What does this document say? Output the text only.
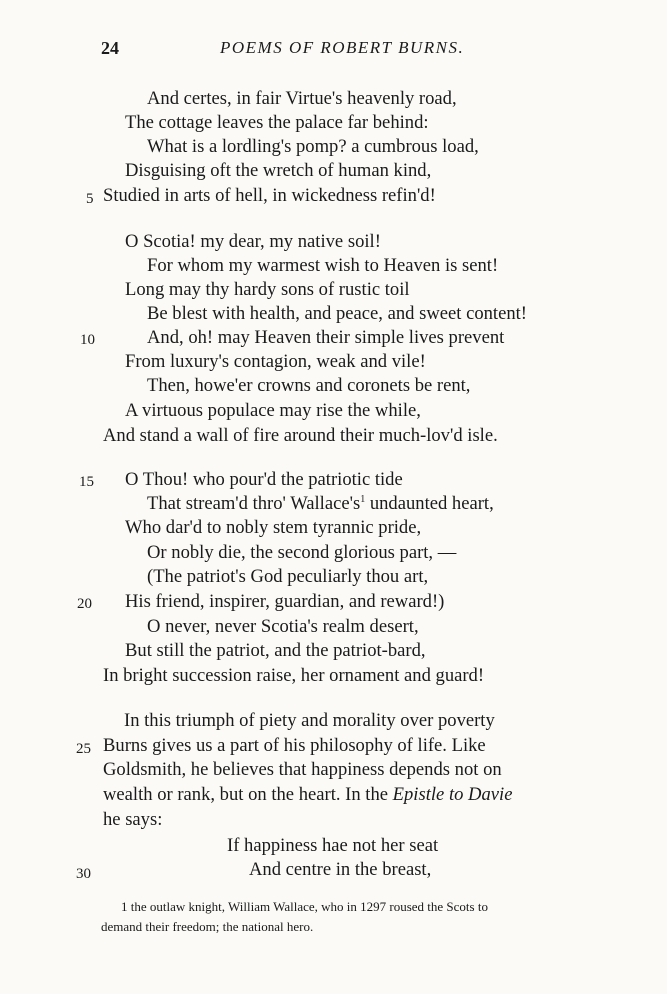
24	POEMS OF ROBERT BURNS.
And certes, in fair Virtue's heavenly road,
The cottage leaves the palace far behind:
What is a lordling's pomp? a cumbrous load,
Disguising oft the wretch of human kind,
Studied in arts of hell, in wickedness refin'd!
O Scotia! my dear, my native soil!
For whom my warmest wish to Heaven is sent!
Long may thy hardy sons of rustic toil
Be blest with health, and peace, and sweet content!
And, oh! may Heaven their simple lives prevent
From luxury's contagion, weak and vile!
Then, howe'er crowns and coronets be rent,
A virtuous populace may rise the while,
And stand a wall of fire around their much-lov'd isle.
O Thou! who pour'd the patriotic tide
That stream'd thro' $Wallace's^1$ undaunted heart,
Who dar'd to nobly stem tyrannic pride,
Or nobly die, the second glorious part, —
(The patriot's God peculiarly thou art,
His friend, inspirer, guardian, and reward!)
O never, never Scotia's realm desert,
But still the patriot, and the patriot-bard,
In bright succession raise, her ornament and guard!
In this triumph of piety and morality over poverty
Burns gives us a part of his philosophy of life. Like
Goldsmith, he believes that happiness depends not on
wealth or rank, but on the heart. In the Epistle to Davie
he says:
If happiness hae not her seat
And centre in the breast,
5
10
15
20
25
30
1 the outlaw knight, William Wallace, who in 1297 roused the Scots to
demand their freedom; the national hero.
